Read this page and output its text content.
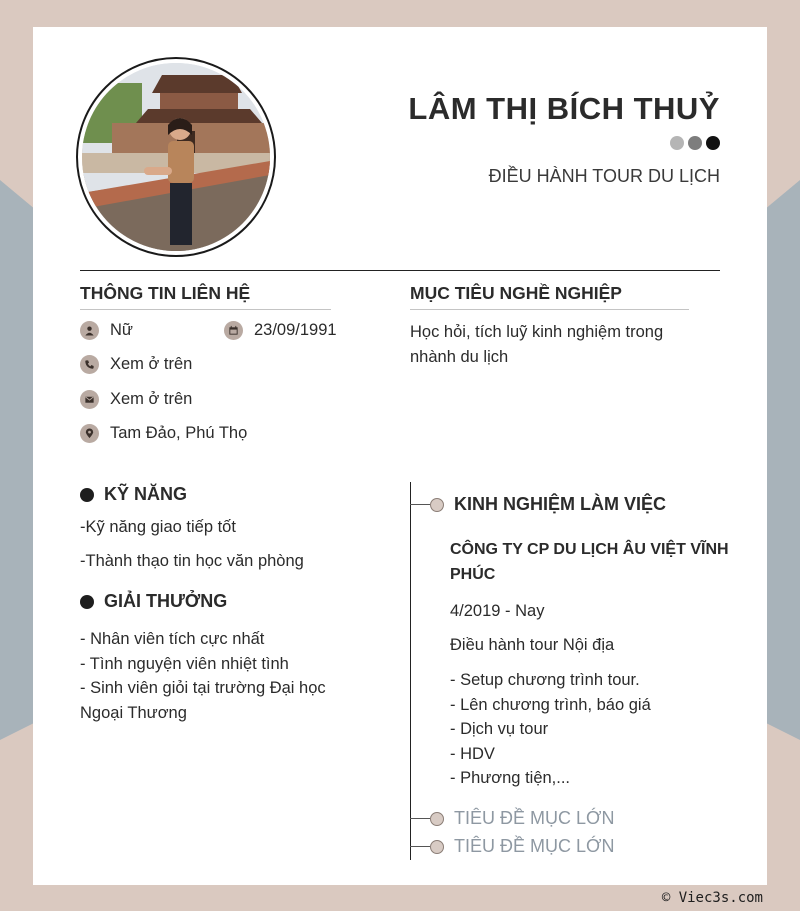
LÂM THỊ BÍCH THUỶ
ĐIỀU HÀNH TOUR DU LỊCH
THÔNG TIN LIÊN HỆ
Nữ	23/09/1991
Xem ở trên
Xem ở trên
Tam Đảo, Phú Thọ
MỤC TIÊU NGHỀ NGHIỆP
Học hỏi, tích luỹ kinh nghiệm trong
nhành du lịch
KỸ NĂNG
-Kỹ năng giao tiếp tốt
-Thành thạo tin học văn phòng
GIẢI THƯỞNG
- Nhân viên tích cực nhất
- Tình nguyện viên nhiệt tình
- Sinh viên giỏi tại trường Đại học
Ngoại Thương
KINH NGHIỆM LÀM VIỆC
CÔNG TY CP DU LỊCH ÂU VIỆT VĨNH PHÚC
4/2019 - Nay
Điều hành tour Nội địa
- Setup chương trình tour.
- Lên chương trình, báo giá
- Dịch vụ tour
- HDV
- Phương tiện,...
TIÊU ĐỀ MỤC LỚN
TIÊU ĐỀ MỤC LỚN
© Viec3s.com
